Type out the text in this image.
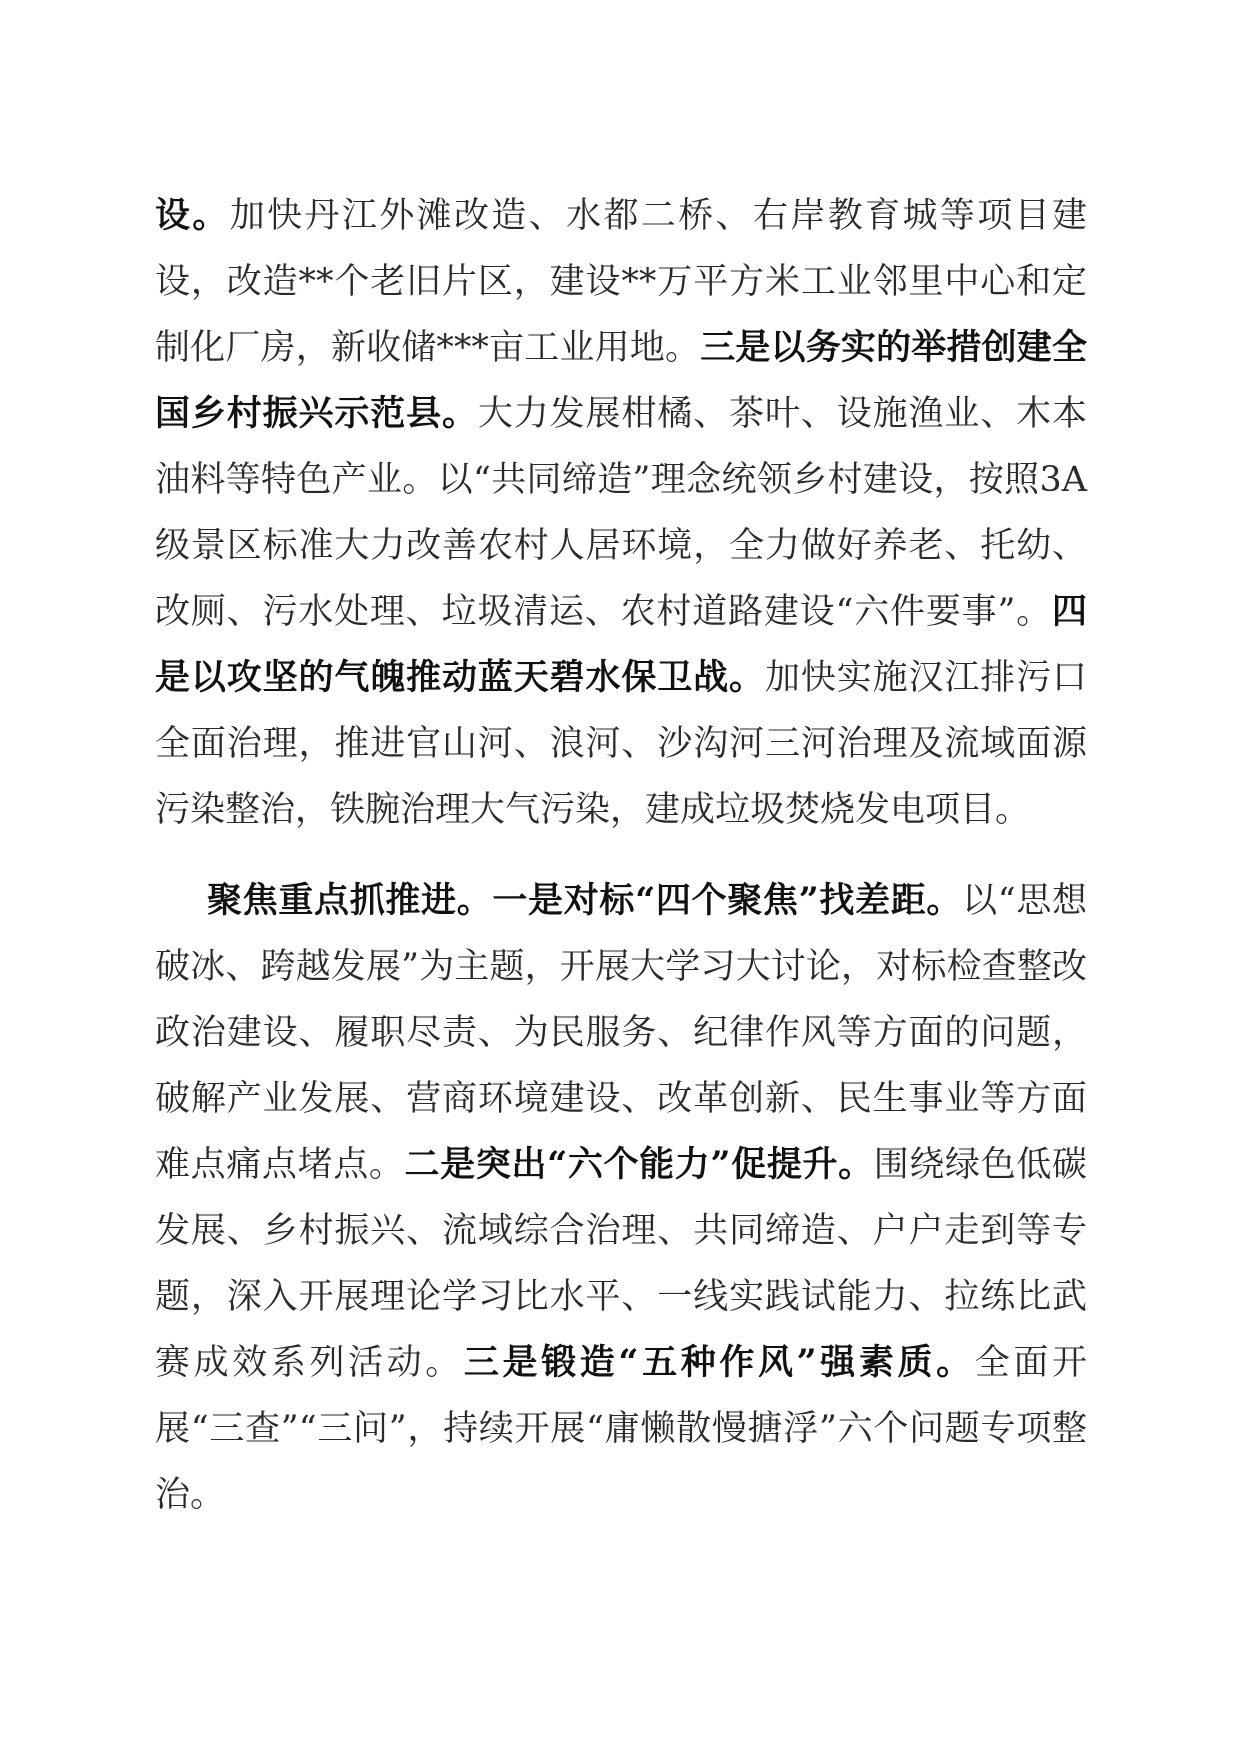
设。加快丹江外滩改造、水都二桥、右岸教育城等项目建设，改造**个老旧片区，建设**万平方米工业邻里中心和定制化厂房，新收储***亩工业用地。三是以务实的举措创建全国乡村振兴示范县。大力发展柑橘、茶叶、设施渔业、木本油料等特色产业。以“共同缔造”理念统领乡村建设，按照3A级景区标准大力改善农村人居环境，全力做好养老、托幼、改厕、污水处理、垃圾清运、农村道路建设“六件要事”。四是以攻坚的气魄推动蓝天碧水保卫战。加快实施汉江排污口全面治理，推进官山河、浪河、沙沟河三河治理及流域面源污染整治，铁腕治理大气污染，建成垃圾焚烧发电项目。

聚焦重点抓推进。一是对标“四个聚焦”找差距。以“思想破冰、跨越发展”为主题，开展大学习大讨论，对标检查整改政治建设、履职尽责、为民服务、纪律作风等方面的问题，破解产业发展、营商环境建设、改革创新、民生事业等方面难点痛点堵点。二是突出“六个能力”促提升。围绕绿色低碳发展、乡村振兴、流域综合治理、共同缔造、户户走到等专题，深入开展理论学习比水平、一线实践试能力、拉练比武赛成效系列活动。三是锻造“五种作风”强素质。全面开展“三查”“三问”，持续开展“庸懒散慢搪浮”六个问题专项整治。
